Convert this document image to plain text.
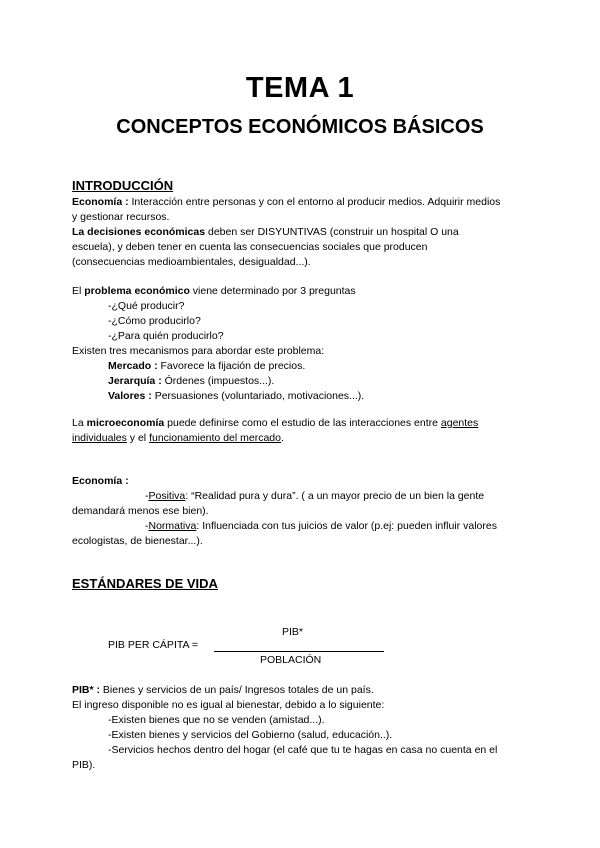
TEMA 1
CONCEPTOS ECONÓMICOS BÁSICOS
INTRODUCCIÓN
Economía : Interacción entre personas y con el entorno al producir medios. Adquirir medios
y gestionar recursos.
La decisiones económicas deben ser DISYUNTIVAS (construir un hospital O una
escuela), y deben tener en cuenta las consecuencias sociales que producen
(consecuencias medioambientales, desigualdad...).
El problema económico viene determinado por 3 preguntas
-¿Qué producir?
-¿Cómo producirlo?
-¿Para quién producirlo?
Existen tres mecanismos para abordar este problema:
Mercado : Favorece la fijación de precios.
Jerarquía : Órdenes (impuestos...).
Valores : Persuasiones (voluntariado, motivaciones...).
La microeconomía puede definirse como el estudio de las interacciones entre agentes
individuales y el funcionamiento del mercado.
Economía :
-Positiva: “Realidad pura y dura”. ( a un mayor precio de un bien la gente
demandará menos ese bien).
-Normativa: Influenciada con tus juicios de valor (p.ej: pueden influir valores
ecologistas, de bienestar...).
ESTÁNDARES DE VIDA
PIB*
PIB PER CÁPITA =
POBLACIÓN
PIB* : Bienes y servicios de un país/ Ingresos totales de un país.
El ingreso disponible no es igual al bienestar, debido a lo siguiente:
-Existen bienes que no se venden (amistad...).
-Existen bienes y servicios del Gobierno (salud, educación..).
-Servicios hechos dentro del hogar (el café que tu te hagas en casa no cuenta en el
PIB).
